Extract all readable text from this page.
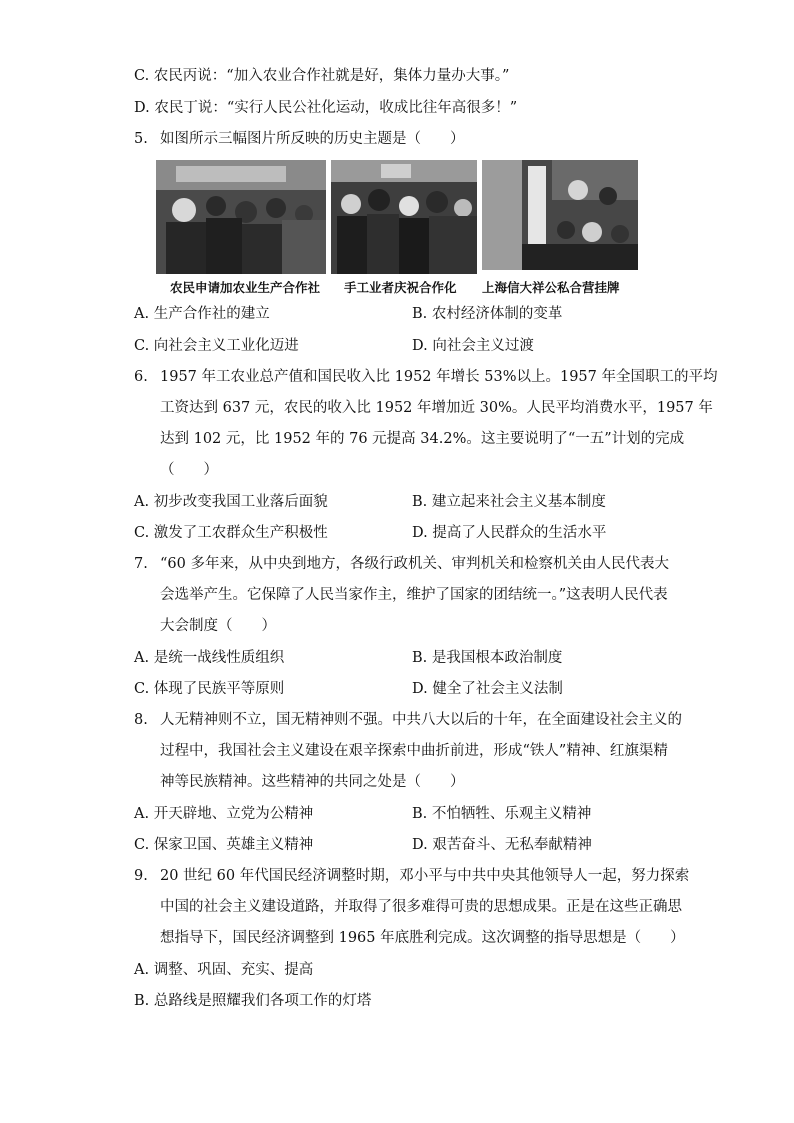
C. 农民丙说：“加入农业合作社就是好，集体力量办大事。”
D. 农民丁说：“实行人民公社化运动，收成比往年高很多！”
5. 如图所示三幅图片所反映的历史主题是（　　）
农民申请加农业生产合作社 手工业者庆祝合作化 上海信大祥公私合营挂牌
A. 生产合作社的建立	B. 农村经济体制的变革
C. 向社会主义工业化迈进	D. 向社会主义过渡
6. 1957 年工农业总产值和国民收入比 1952 年增长 53%以上。1957 年全国职工的平均
工资达到 637 元，农民的收入比 1952 年增加近 30%。人民平均消费水平，1957 年
达到 102 元，比 1952 年的 76 元提高 34.2%。这主要说明了“一五”计划的完成
（　　）
A. 初步改变我国工业落后面貌	B. 建立起来社会主义基本制度
C. 激发了工农群众生产积极性	D. 提高了人民群众的生活水平
7. “60 多年来，从中央到地方，各级行政机关、审判机关和检察机关由人民代表大
会选举产生。它保障了人民当家作主，维护了国家的团结统一。”这表明人民代表
大会制度（　　）
A. 是统一战线性质组织	B. 是我国根本政治制度
C. 体现了民族平等原则	D. 健全了社会主义法制
8. 人无精神则不立，国无精神则不强。中共八大以后的十年，在全面建设社会主义的
过程中，我国社会主义建设在艰辛探索中曲折前进，形成“铁人”精神、红旗渠精
神等民族精神。这些精神的共同之处是（　　）
A. 开天辟地、立党为公精神	B. 不怕牺牲、乐观主义精神
C. 保家卫国、英雄主义精神	D. 艰苦奋斗、无私奉献精神
9. 20 世纪 60 年代国民经济调整时期，邓小平与中共中央其他领导人一起，努力探索
中国的社会主义建设道路，并取得了很多难得可贵的思想成果。正是在这些正确思
想指导下，国民经济调整到 1965 年底胜利完成。这次调整的指导思想是（　　）
A. 调整、巩固、充实、提高
B. 总路线是照耀我们各项工作的灯塔
